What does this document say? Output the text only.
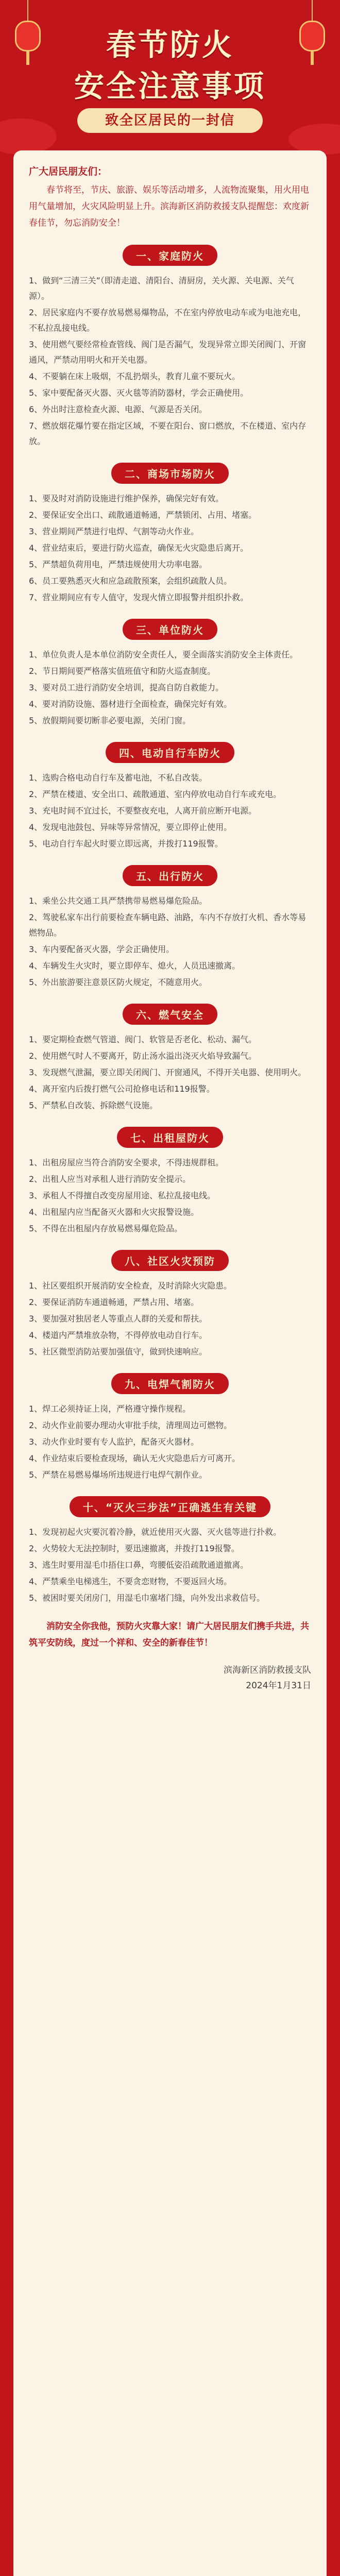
春节防火
安全注意事项
致全区居民的一封信

广大居民朋友们：

春节将至，节庆、旅游、娱乐等活动增多，人流物流聚集，用火用电用气量增加，火灾风险明显上升。滨海新区消防救援支队提醒您：欢度新春佳节，勿忘消防安全！

一、家庭防火

1、做到“三清三关”（即清走道、清阳台、清厨房，关火源、关电源、关气源）。

2、居民家庭内不要存放易燃易爆物品，不在室内停放电动车或为电池充电，不私拉乱接电线。

3、使用燃气要经常检查管线、阀门是否漏气，发现异常立即关闭阀门、开窗通风，严禁动用明火和开关电器。

4、不要躺在床上吸烟，不乱扔烟头，教育儿童不要玩火。

5、家中要配备灭火器、灭火毯等消防器材，学会正确使用。

6、外出时注意检查火源、电源、气源是否关闭。

7、燃放烟花爆竹要在指定区域，不要在阳台、窗口燃放，不在楼道、室内存放。

二、商场市场防火

1、要及时对消防设施进行维护保养，确保完好有效。

2、要保证安全出口、疏散通道畅通，严禁锁闭、占用、堵塞。

3、营业期间严禁进行电焊、气割等动火作业。

4、营业结束后，要进行防火巡查，确保无火灾隐患后离开。

5、严禁超负荷用电，严禁违规使用大功率电器。

6、员工要熟悉灭火和应急疏散预案，会组织疏散人员。

7、营业期间应有专人值守，发现火情立即报警并组织扑救。

三、单位防火

1、单位负责人是本单位消防安全责任人，要全面落实消防安全主体责任。

2、节日期间要严格落实值班值守和防火巡查制度。

3、要对员工进行消防安全培训，提高自防自救能力。

4、要对消防设施、器材进行全面检查，确保完好有效。

5、放假期间要切断非必要电源，关闭门窗。

四、电动自行车防火

1、选购合格电动自行车及蓄电池，不私自改装。

2、严禁在楼道、安全出口、疏散通道、室内停放电动自行车或充电。

3、充电时间不宜过长，不要整夜充电，人离开前应断开电源。

4、发现电池鼓包、异味等异常情况，要立即停止使用。

5、电动自行车起火时要立即远离，并拨打119报警。

五、出行防火

1、乘坐公共交通工具严禁携带易燃易爆危险品。

2、驾驶私家车出行前要检查车辆电路、油路，车内不存放打火机、香水等易燃物品。

3、车内要配备灭火器，学会正确使用。

4、车辆发生火灾时，要立即停车、熄火，人员迅速撤离。

5、外出旅游要注意景区防火规定，不随意用火。

六、燃气安全

1、要定期检查燃气管道、阀门、软管是否老化、松动、漏气。

2、使用燃气时人不要离开，防止汤水溢出浇灭火焰导致漏气。

3、发现燃气泄漏，要立即关闭阀门、开窗通风，不得开关电器、使用明火。

4、离开室内后拨打燃气公司抢修电话和119报警。

5、严禁私自改装、拆除燃气设施。

七、出租屋防火

1、出租房屋应当符合消防安全要求，不得违规群租。

2、出租人应当对承租人进行消防安全提示。

3、承租人不得擅自改变房屋用途、私拉乱接电线。

4、出租屋内应当配备灭火器和火灾报警设施。

5、不得在出租屋内存放易燃易爆危险品。

八、社区火灾预防

1、社区要组织开展消防安全检查，及时消除火灾隐患。

2、要保证消防车通道畅通，严禁占用、堵塞。

3、要加强对独居老人等重点人群的关爱和帮扶。

4、楼道内严禁堆放杂物，不得停放电动自行车。

5、社区微型消防站要加强值守，做到快速响应。

九、电焊气割防火

1、焊工必须持证上岗，严格遵守操作规程。

2、动火作业前要办理动火审批手续，清理周边可燃物。

3、动火作业时要有专人监护，配备灭火器材。

4、作业结束后要检查现场，确认无火灾隐患后方可离开。

5、严禁在易燃易爆场所违规进行电焊气割作业。

十、“灭火三步法”正确逃生有关键

1、发现初起火灾要沉着冷静，就近使用灭火器、灭火毯等进行扑救。

2、火势较大无法控制时，要迅速撤离，并拨打119报警。

3、逃生时要用湿毛巾捂住口鼻，弯腰低姿沿疏散通道撤离。

4、严禁乘坐电梯逃生，不要贪恋财物，不要返回火场。

5、被困时要关闭房门，用湿毛巾塞堵门缝，向外发出求救信号。

消防安全你我他，预防火灾靠大家！请广大居民朋友们携手共进，共筑平安防线，度过一个祥和、安全的新春佳节！

滨海新区消防救援支队
2024年1月31日
